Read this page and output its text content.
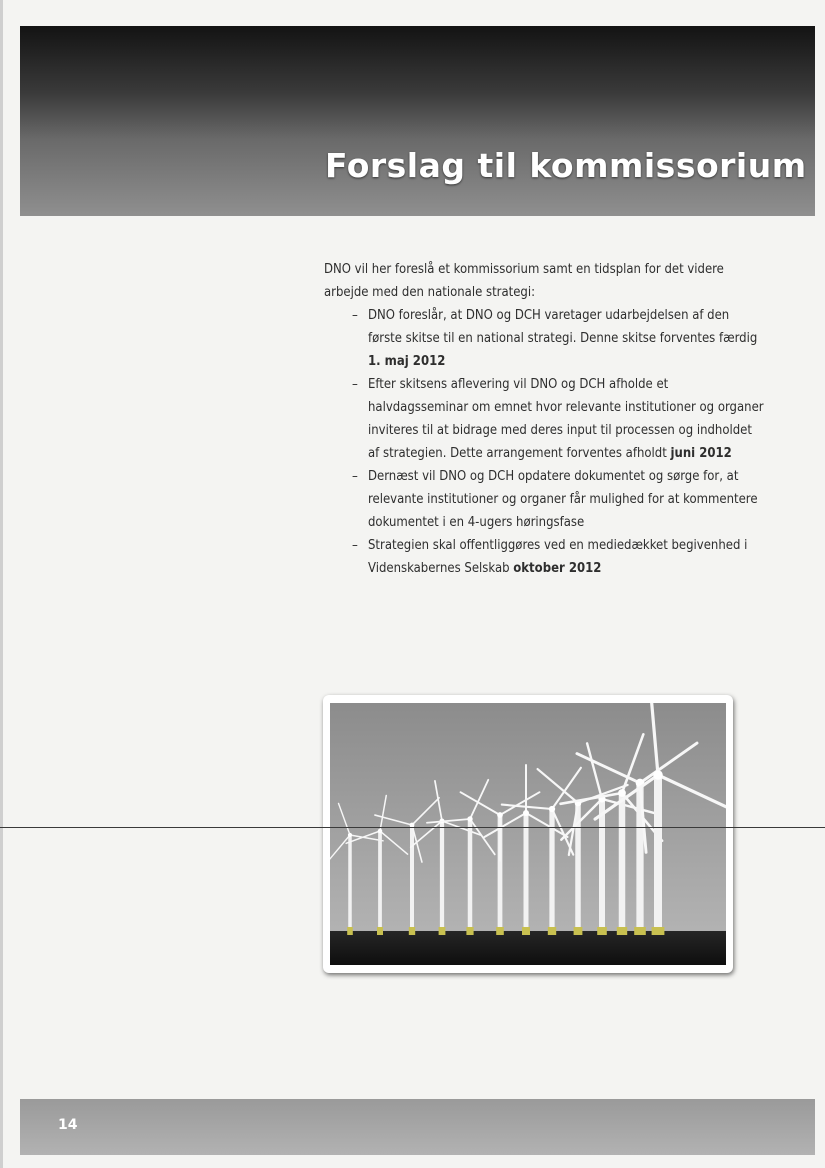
Forslag til kommissorium

DNO vil her foreslå et kommissorium samt en tidsplan for det videre arbejde med den nationale strategi:

– DNO foreslår, at DNO og DCH varetager udarbejdelsen af den første skitse til en national strategi. Denne skitse forventes færdig 1. maj 2012
– Efter skitsens aflevering vil DNO og DCH afholde et halvdagsseminar om emnet hvor relevante institutioner og organer inviteres til at bidrage med deres input til processen og indholdet af strategien. Dette arrangement forventes afholdt juni 2012
– Dernæst vil DNO og DCH opdatere dokumentet og sørge for, at relevante institutioner og organer får mulighed for at kommentere dokumentet i en 4-ugers høringsfase
– Strategien skal offentliggøres ved en mediedækket begivenhed i Videnskabernes Selskab oktober 2012
14
